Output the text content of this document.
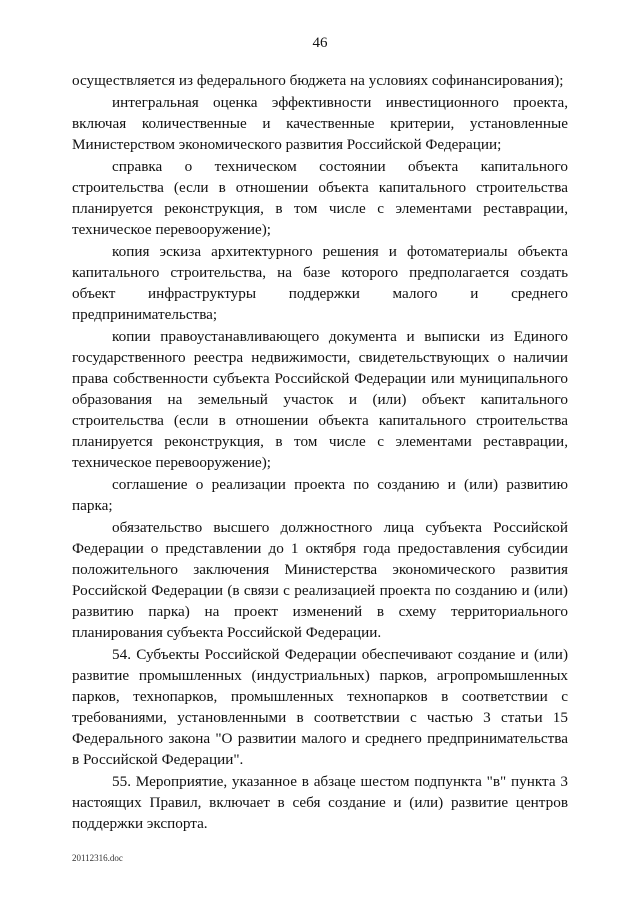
46

осуществляется из федерального бюджета на условиях софинансирования);

интегральная оценка эффективности инвестиционного проекта, включая количественные и качественные критерии, установленные Министерством экономического развития Российской Федерации;

справка о техническом состоянии объекта капитального строительства (если в отношении объекта капитального строительства планируется реконструкция, в том числе с элементами реставрации, техническое перевооружение);

копия эскиза архитектурного решения и фотоматериалы объекта капитального строительства, на базе которого предполагается создать объект инфраструктуры поддержки малого и среднего предпринимательства;

копии правоустанавливающего документа и выписки из Единого государственного реестра недвижимости, свидетельствующих о наличии права собственности субъекта Российской Федерации или муниципального образования на земельный участок и (или) объект капитального строительства (если в отношении объекта капитального строительства планируется реконструкция, в том числе с элементами реставрации, техническое перевооружение);

соглашение о реализации проекта по созданию и (или) развитию парка;

обязательство высшего должностного лица субъекта Российской Федерации о представлении до 1 октября года предоставления субсидии положительного заключения Министерства экономического развития Российской Федерации (в связи с реализацией проекта по созданию и (или) развитию парка) на проект изменений в схему территориального планирования субъекта Российской Федерации.

54. Субъекты Российской Федерации обеспечивают создание и (или) развитие промышленных (индустриальных) парков, агропромышленных парков, технопарков, промышленных технопарков в соответствии с требованиями, установленными в соответствии с частью 3 статьи 15 Федерального закона "О развитии малого и среднего предпринимательства в Российской Федерации".

55. Мероприятие, указанное в абзаце шестом подпункта "в" пункта 3 настоящих Правил, включает в себя создание и (или) развитие центров поддержки экспорта.

20112316.doc
